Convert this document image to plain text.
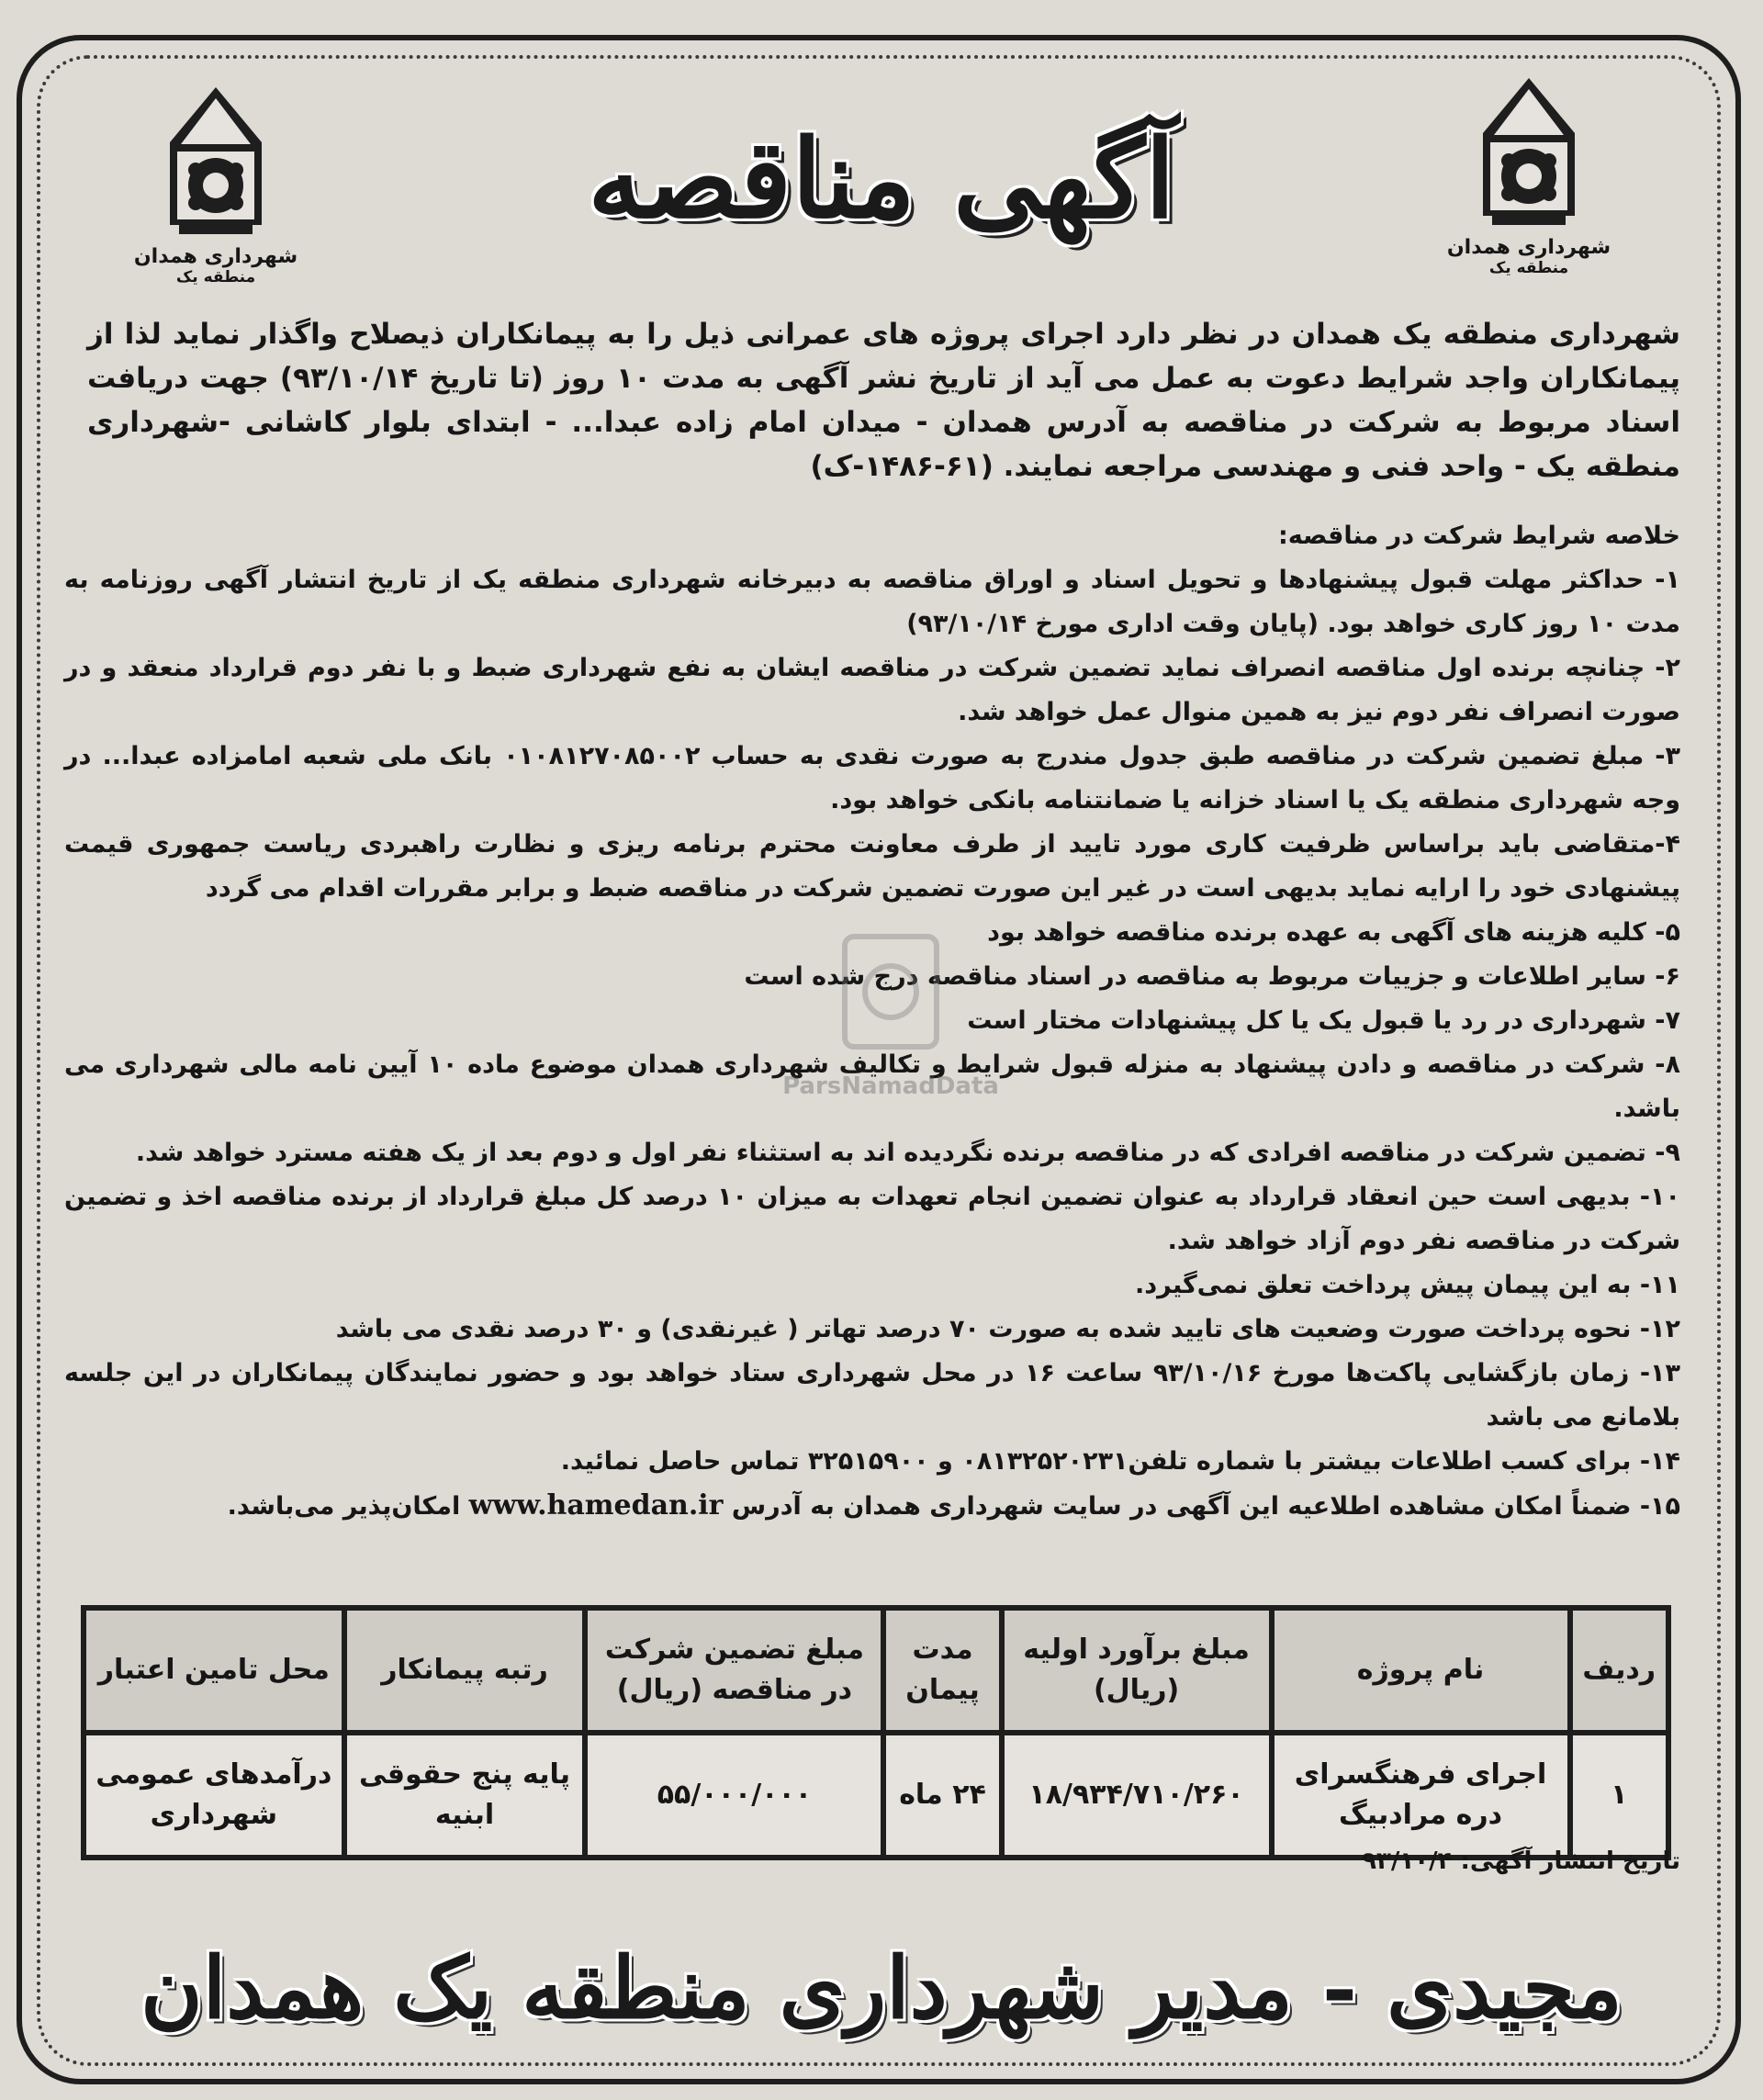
شهرداری همدان
منطقه یک
شهرداری همدان
منطقه یک
آگهی مناقصه
شهرداری منطقه یک همدان در نظر دارد اجرای پروژه های عمرانی ذیل را به پیمانکاران ذیصلاح واگذار نماید لذا از پیمانکاران واجد شرایط دعوت به عمل می آید از تاریخ نشر آگهی به مدت ۱۰ روز (تا تاریخ ۹۳/۱۰/۱۴) جهت دریافت اسناد مربوط به شرکت در مناقصه به آدرس همدان - میدان امام زاده عبدا... - ابتدای بلوار کاشانی -شهرداری منطقه یک - واحد فنی و مهندسی مراجعه نمایند. (۶۱-۱۴۸۶-ک)
خلاصه شرایط شرکت در مناقصه:
۱- حداکثر مهلت قبول پیشنهادها و تحویل اسناد و اوراق مناقصه به دبیرخانه شهرداری منطقه یک از تاریخ انتشار آگهی روزنامه به مدت ۱۰ روز کاری خواهد بود. (پایان وقت اداری مورخ ۹۳/۱۰/۱۴)
۲- چنانچه برنده اول مناقصه انصراف نماید تضمین شرکت در مناقصه ایشان به نفع شهرداری ضبط و با نفر دوم قرارداد منعقد و در صورت انصراف نفر دوم نیز به همین منوال عمل خواهد شد.
۳- مبلغ تضمین شرکت در مناقصه طبق جدول مندرج به صورت نقدی به حساب ۰۱۰۸۱۲۷۰۸۵۰۰۲ بانک ملی شعبه امامزاده عبدا... در وجه شهرداری منطقه یک یا اسناد خزانه یا ضمانتنامه بانکی خواهد بود.
۴-متقاضی باید براساس ظرفیت کاری مورد تایید از طرف معاونت محترم برنامه ریزی و نظارت راهبردی ریاست جمهوری قیمت پیشنهادی خود را ارایه نماید بدیهی است در غیر این صورت تضمین شرکت در مناقصه ضبط و برابر مقررات اقدام می گردد
۵- کلیه هزینه های آگهی به عهده برنده مناقصه خواهد بود
۶- سایر اطلاعات و جزییات مربوط به مناقصه در اسناد مناقصه درج شده است
۷- شهرداری در رد یا قبول یک یا کل پیشنهادات مختار است
۸- شرکت در مناقصه و دادن پیشنهاد به منزله قبول شرایط و تکالیف شهرداری همدان موضوع ماده ۱۰ آیین نامه مالی شهرداری می باشد.
۹- تضمین شرکت در مناقصه افرادی که در مناقصه برنده نگردیده اند به استثناء نفر اول و دوم بعد از یک هفته مسترد خواهد شد.
۱۰- بدیهی است حین انعقاد قرارداد به عنوان تضمین انجام تعهدات به میزان ۱۰ درصد کل مبلغ قرارداد از برنده مناقصه اخذ و تضمین شرکت در مناقصه نفر دوم آزاد خواهد شد.
۱۱- به این پیمان پیش پرداخت تعلق نمی‌گیرد.
۱۲- نحوه پرداخت صورت وضعیت های تایید شده به صورت ۷۰ درصد تهاتر ( غیرنقدی) و ۳۰ درصد نقدی می باشد
۱۳- زمان بازگشایی پاکت‌ها مورخ ۹۳/۱۰/۱۶ ساعت ۱۶ در محل شهرداری ستاد خواهد بود و حضور نمایندگان پیمانکاران در این جلسه بلامانع می باشد
۱۴- برای کسب اطلاعات بیشتر با شماره تلفن۰۸۱۳۲۵۲۰۲۳۱ و ۳۲۵۱۵۹۰۰ تماس حاصل نمائید.
۱۵- ضمناً امکان مشاهده اطلاعیه این آگهی در سایت شهرداری همدان به آدرس www.hamedan.ir امکان‌پذیر می‌باشد.
ParsNamadData
ردیف	نام پروژه	مبلغ برآورد اولیه (ریال)	مدت پیمان	مبلغ تضمین شرکت در مناقصه (ریال)	رتبه پیمانکار	محل تامین اعتبار
۱	اجرای فرهنگسرای دره مرادبیگ	۱۸/۹۳۴/۷۱۰/۲۶۰	۲۴ ماه	۵۵/۰۰۰/۰۰۰	پایه پنج حقوقی ابنیه	درآمدهای عمومی شهرداری
تاریخ انتشار آگهی: ۹۳/۱۰/۴
مجیدی - مدیر شهرداری منطقه یک همدان
